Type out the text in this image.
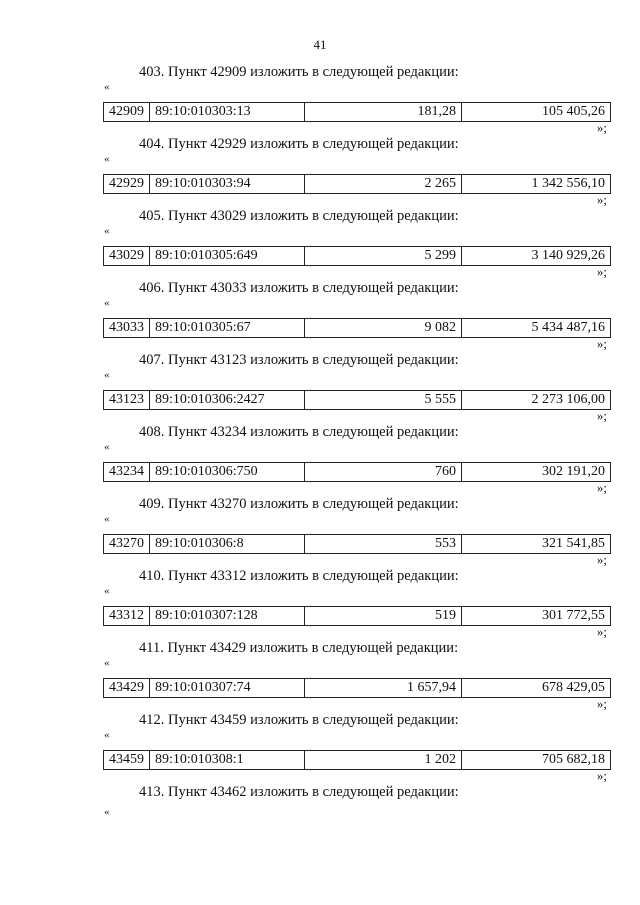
41
403. Пункт 42909 изложить в следующей редакции:
«
42909 89:10:010303:13	181,28	105 405,26
»;
404. Пункт 42929 изложить в следующей редакции:
«
42929 89:10:010303:94	2 265	1 342 556,10
»;
405. Пункт 43029 изложить в следующей редакции:
«
43029 89:10:010305:649	5 299	3 140 929,26
»;
406. Пункт 43033 изложить в следующей редакции:
«
43033 89:10:010305:67	9 082	5 434 487,16
»;
407. Пункт 43123 изложить в следующей редакции:
«
43123 89:10:010306:2427	5 555	2 273 106,00
»;
408. Пункт 43234 изложить в следующей редакции:
«
43234 89:10:010306:750	760	302 191,20
»;
409. Пункт 43270 изложить в следующей редакции:
«
43270 89:10:010306:8	553	321 541,85
»;
410. Пункт 43312 изложить в следующей редакции:
«
43312 89:10:010307:128	519	301 772,55
»;
411. Пункт 43429 изложить в следующей редакции:
«
43429 89:10:010307:74	1 657,94	678 429,05
»;
412. Пункт 43459 изложить в следующей редакции:
«
43459 89:10:010308:1	1 202	705 682,18
»;
413. Пункт 43462 изложить в следующей редакции:
«
